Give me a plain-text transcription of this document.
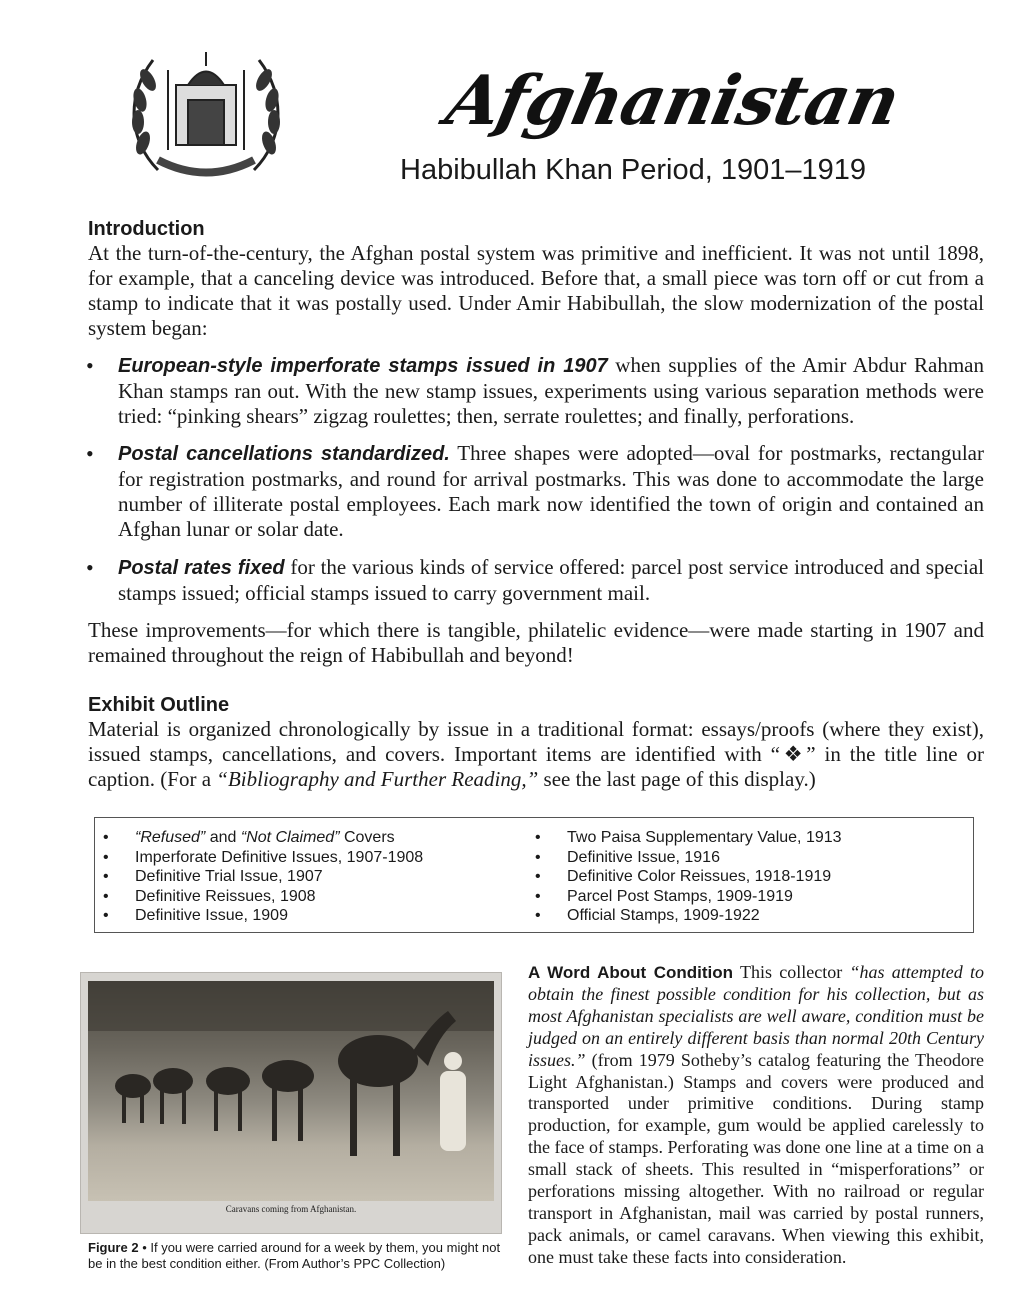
Afghanistan
Habibullah Khan Period, 1901–1919
Introduction
At the turn-of-the-century, the Afghan postal system was primitive and inefficient. It was not until 1898, for example, that a canceling device was introduced. Before that, a small piece was torn off or cut from a stamp to indicate that it was postally used. Under Amir Habibullah, the slow modernization of the postal system began:
• European-style imperforate stamps issued in 1907 when supplies of the Amir Abdur Rahman Khan stamps ran out. With the new stamp issues, experiments using various separation methods were tried: “pinking shears” zigzag roulettes; then, serrate roulettes; and finally, perforations.
• Postal cancellations standardized. Three shapes were adopted—oval for postmarks, rectangular for registration postmarks, and round for arrival postmarks. This was done to accommodate the large number of illiterate postal employees. Each mark now identified the town of origin and contained an Afghan lunar or solar date.
• Postal rates fixed for the various kinds of service offered: parcel post service introduced and special stamps issued; official stamps issued to carry government mail.
These improvements—for which there is tangible, philatelic evidence—were made starting in 1907 and remained throughout the reign of Habibullah and beyond!
Exhibit Outline
Material is organized chronologically by issue in a traditional format: essays/proofs (where they exist), issued stamps, cancellations, and covers. Important items are identified with “❖” in the title line or caption. (For a “Bibliography and Further Reading,” see the last page of this display.)
• “Refused” and “Not Claimed” Covers
• Imperforate Definitive Issues, 1907-1908
• Definitive Trial Issue, 1907
• Definitive Reissues, 1908
• Definitive Issue, 1909
• Two Paisa Supplementary Value, 1913
• Definitive Issue, 1916
• Definitive Color Reissues, 1918-1919
• Parcel Post Stamps, 1909-1919
• Official Stamps, 1909-1922
Caravans coming from Afghanistan.
Figure 2 • If you were carried around for a week by them, you might not be in the best condition either. (From Author’s PPC Collection)
A Word About Condition This collector “has attempted to obtain the finest possible condition for his collection, but as most Afghanistan specialists are well aware, condition must be judged on an entirely different basis than normal 20th Century issues.” (from 1979 Sotheby’s catalog featuring the Theodore Light Afghanistan.) Stamps and covers were produced and transported under primitive conditions. During stamp production, for example, gum would be applied carelessly to the face of stamps. Perforating was done one line at a time on a small stack of sheets. This resulted in “misperforations” or perforations missing altogether. With no railroad or regular transport in Afghanistan, mail was carried by postal runners, pack animals, or camel caravans. When viewing this exhibit, one must take these facts into consideration.
